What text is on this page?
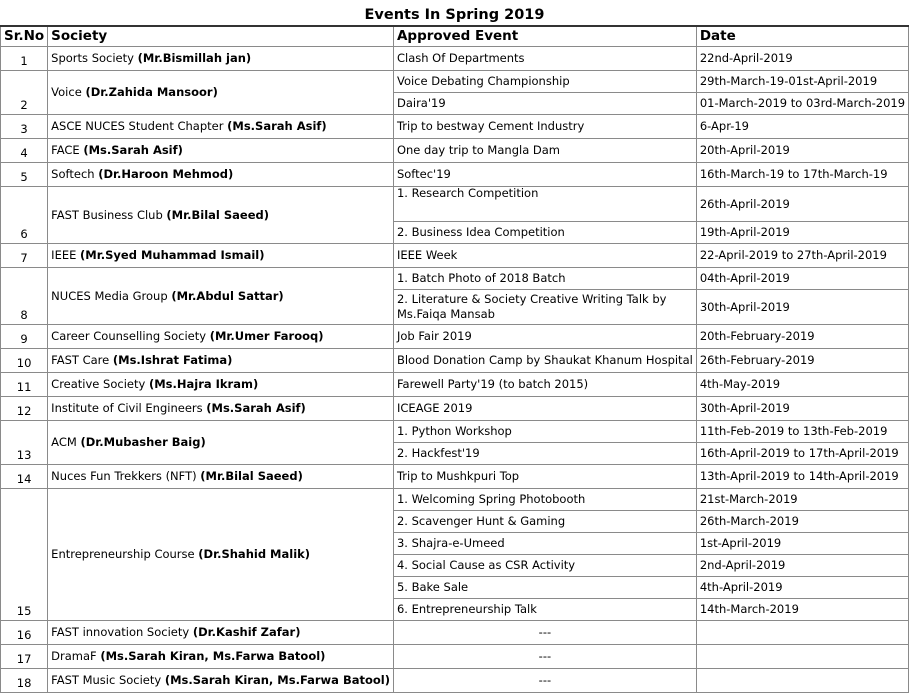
Events In Spring 2019			
Sr.No	Society	Approved Event	Date
1	Sports Society (Mr.Bismillah jan)	Clash Of Departments	22nd-April-2019
2	Voice (Dr.Zahida Mansoor)	Voice Debating Championship	29th-March-19-01st-April-2019
		Daira'19	01-March-2019 to 03rd-March-2019
3	ASCE NUCES Student Chapter (Ms.Sarah Asif)	Trip to bestway Cement Industry	6-Apr-19
4	FACE (Ms.Sarah Asif)	One day trip to Mangla Dam	20th-April-2019
5	Softech (Dr.Haroon Mehmod)	Softec'19	16th-March-19 to 17th-March-19
6	FAST Business Club (Mr.Bilal Saeed)	1. Research Competition	26th-April-2019
		2. Business Idea Competition	19th-April-2019
7	IEEE (Mr.Syed Muhammad Ismail)	IEEE Week	22-April-2019 to 27th-April-2019
8	NUCES Media Group (Mr.Abdul Sattar)	1. Batch Photo of 2018 Batch	04th-April-2019
		2. Literature & Society Creative Writing Talk by Ms.Faiqa Mansab	30th-April-2019
9	Career Counselling Society (Mr.Umer Farooq)	Job Fair 2019	20th-February-2019
10	FAST Care (Ms.Ishrat Fatima)	Blood Donation Camp by Shaukat Khanum Hospital	26th-February-2019
11	Creative Society (Ms.Hajra Ikram)	Farewell Party'19 (to batch 2015)	4th-May-2019
12	Institute of Civil Engineers (Ms.Sarah Asif)	ICEAGE 2019	30th-April-2019
13	ACM (Dr.Mubasher Baig)	1. Python Workshop	11th-Feb-2019 to 13th-Feb-2019
		2. Hackfest'19	16th-April-2019 to 17th-April-2019
14	Nuces Fun Trekkers (NFT) (Mr.Bilal Saeed)	Trip to Mushkpuri Top	13th-April-2019 to 14th-April-2019
15	Entrepreneurship Course (Dr.Shahid Malik)	1. Welcoming Spring Photobooth	21st-March-2019
		2. Scavenger Hunt & Gaming	26th-March-2019
		3. Shajra-e-Umeed	1st-April-2019
		4. Social Cause as CSR Activity	2nd-April-2019
		5. Bake Sale	4th-April-2019
		6. Entrepreneurship Talk	14th-March-2019
16	FAST innovation Society (Dr.Kashif Zafar)	---	
17	DramaF (Ms.Sarah Kiran, Ms.Farwa Batool)	---	
18	FAST Music Society (Ms.Sarah Kiran, Ms.Farwa Batool)	---	
